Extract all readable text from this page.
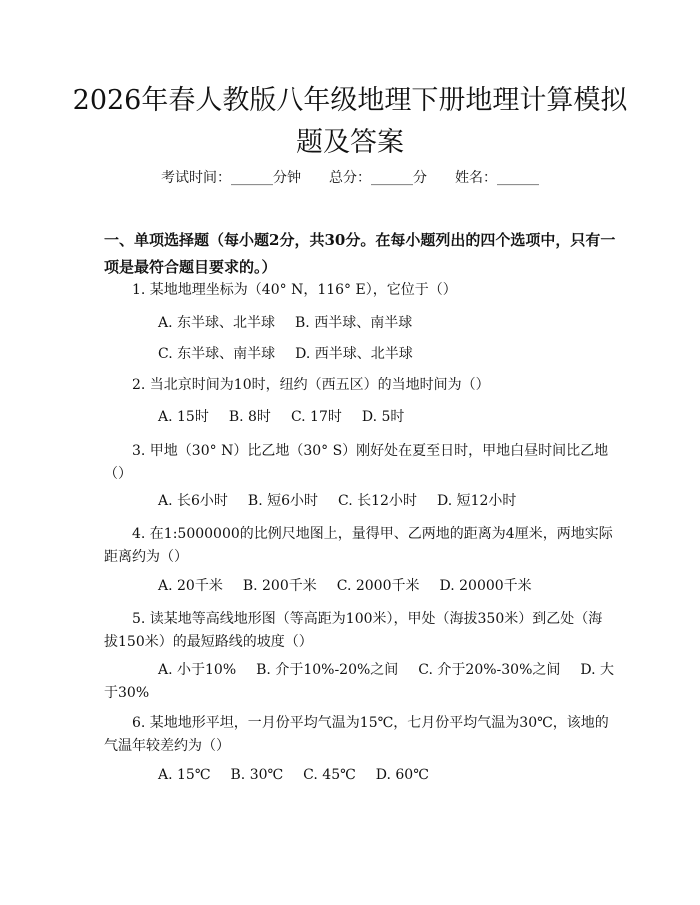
2026年春人教版八年级地理下册地理计算模拟题及答案
考试时间：______分钟 总分：______分 姓名：______
一、单项选择题（每小题2分，共30分。在每小题列出的四个选项中，只有一项是最符合题目要求的。）
1. 某地地理坐标为（40° N，116° E），它位于（）
A. 东半球、北半球 B. 西半球、南半球
C. 东半球、南半球 D. 西半球、北半球
2. 当北京时间为10时，纽约（西五区）的当地时间为（）
A. 15时 B. 8时 C. 17时 D. 5时
3. 甲地（30° N）比乙地（30° S）刚好处在夏至日时，甲地白昼时间比乙地（）
A. 长6小时 B. 短6小时 C. 长12小时 D. 短12小时
4. 在1:5000000的比例尺地图上，量得甲、乙两地的距离为4厘米，两地实际距离约为（）
A. 20千米 B. 200千米 C. 2000千米 D. 20000千米
5. 读某地等高线地形图（等高距为100米），甲处（海拔350米）到乙处（海拔150米）的最短路线的坡度（）
A. 小于10% B. 介于10%-20%之间 C. 介于20%-30%之间 D. 大于30%
6. 某地地形平坦，一月份平均气温为15℃，七月份平均气温为30℃，该地的气温年较差约为（）
A. 15℃ B. 30℃ C. 45℃ D. 60℃
